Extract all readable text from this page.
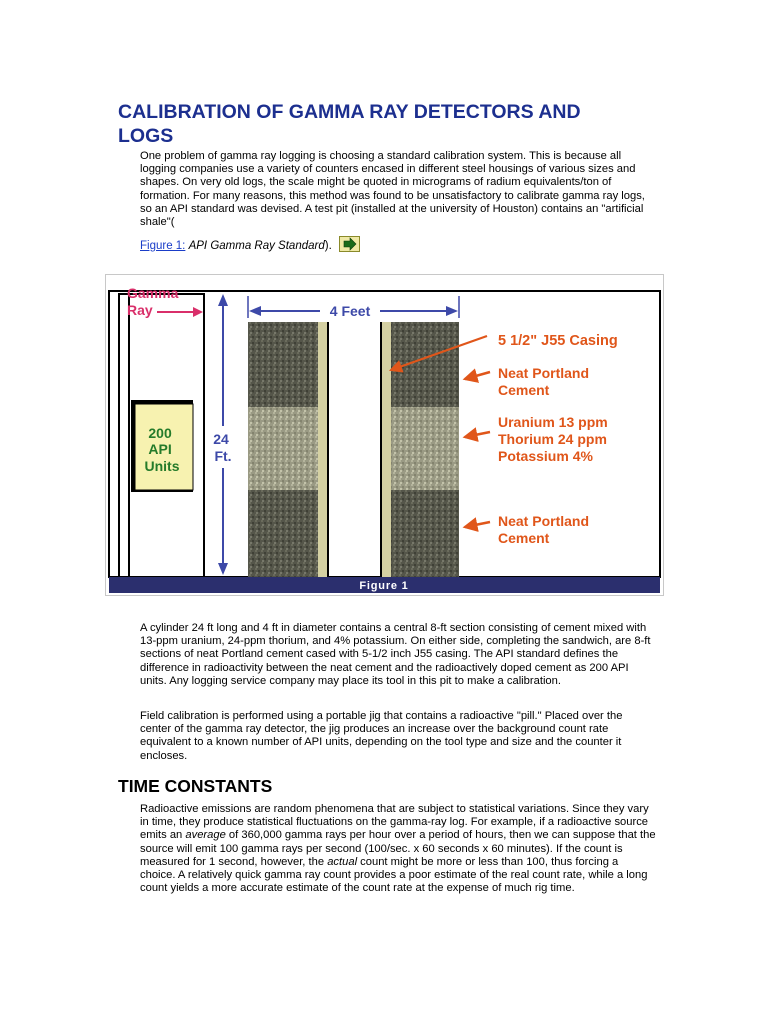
CALIBRATION OF GAMMA RAY DETECTORS AND LOGS

One problem of gamma ray logging is choosing a standard calibration system. This is because all logging companies use a variety of counters encased in different steel housings of various sizes and shapes. On very old logs, the scale might be quoted in micrograms of radium equivalents/ton of formation. For many reasons, this method was found to be unsatisfactory to calibrate gamma ray logs, so an API standard was devised. A test pit (installed at the university of Houston) contains an "artificial shale"(

Figure 1: API Gamma Ray Standard).
Figure 1
Gamma Ray
200 API Units
24 Ft.
4 Feet
5 1/2" J55 Casing
Neat Portland Cement
Uranium 13 ppm Thorium 24 ppm Potassium 4%
Neat Portland Cement

A cylinder 24 ft long and 4 ft in diameter contains a central 8-ft section consisting of cement mixed with 13-ppm uranium, 24-ppm thorium, and 4% potassium. On either side, completing the sandwich, are 8-ft sections of neat Portland cement cased with 5-1/2 inch J55 casing. The API standard defines the difference in radioactivity between the neat cement and the radioactively doped cement as 200 API units. Any logging service company may place its tool in this pit to make a calibration.

Field calibration is performed using a portable jig that contains a radioactive "pill." Placed over the center of the gamma ray detector, the jig produces an increase over the background count rate equivalent to a known number of API units, depending on the tool type and size and the counter it encloses.

TIME CONSTANTS

Radioactive emissions are random phenomena that are subject to statistical variations. Since they vary in time, they produce statistical fluctuations on the gamma-ray log. For example, if a radioactive source emits an average of 360,000 gamma rays per hour over a period of hours, then we can suppose that the source will emit 100 gamma rays per second (100/sec. x 60 seconds x 60 minutes). If the count is measured for 1 second, however, the actual count might be more or less than 100, thus forcing a choice. A relatively quick gamma ray count provides a poor estimate of the real count rate, while a long count yields a more accurate estimate of the count rate at the expense of much rig time.
